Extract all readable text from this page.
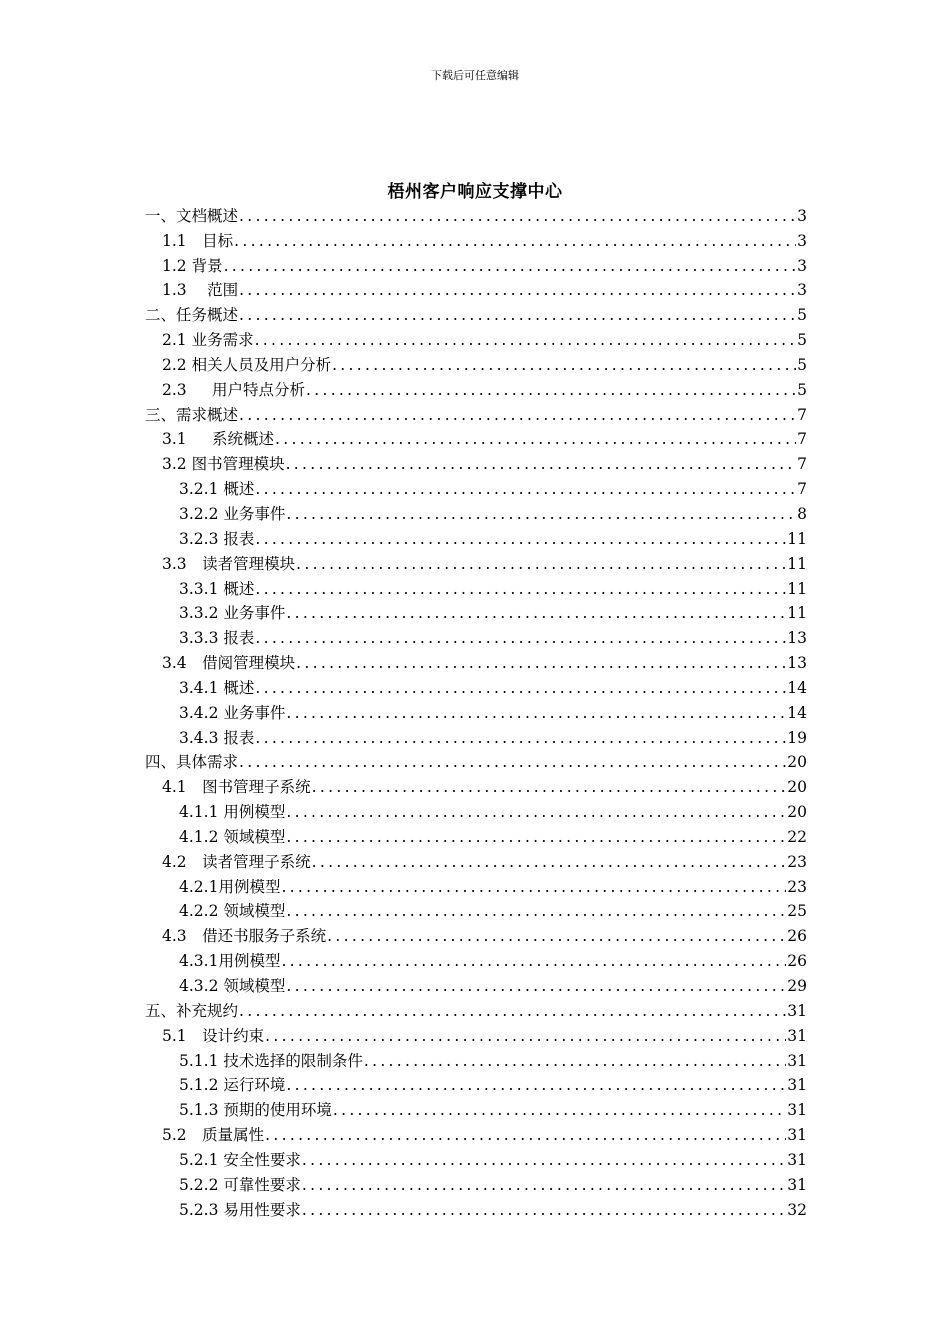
下载后可任意编辑
梧州客户响应支撑中心
一、文档概述 .....	3
1.1　目标 .....	3
1.2 背景 .....	3
1.3　 范围 .....	3
二、任务概述 .....	5
2.1 业务需求 .....	5
2.2 相关人员及用户分析 .....	5
2.3 　 用户特点分析 .....	5
三、需求概述 .....	7
3.1 　 系统概述 .....	7
3.2 图书管理模块 .....	7
3.2.1 概述 .....	7
3.2.2 业务事件 .....	8
3.2.3 报表 .....	11
3.3　读者管理模块 .....	11
3.3.1 概述 .....	11
3.3.2 业务事件 .....	11
3.3.3 报表 .....	13
3.4　借阅管理模块 .....	13
3.4.1 概述 .....	14
3.4.2 业务事件 .....	14
3.4.3 报表 .....	19
四、具体需求 .....	20
4.1　图书管理子系统 .....	20
4.1.1 用例模型 .....	20
4.1.2 领域模型 .....	22
4.2　读者管理子系统 .....	23
4.2.1用例模型 .....	23
4.2.2 领域模型 .....	25
4.3　借还书服务子系统 .....	26
4.3.1用例模型 .....	26
4.3.2 领域模型 .....	29
五、补充规约 .....	31
5.1　设计约束 .....	31
5.1.1 技术选择的限制条件 .....	31
5.1.2 运行环境 .....	31
5.1.3 预期的使用环境 .....	31
5.2　质量属性 .....	31
5.2.1 安全性要求 .....	31
5.2.2 可靠性要求 .....	31
5.2.3 易用性要求 .....	32
